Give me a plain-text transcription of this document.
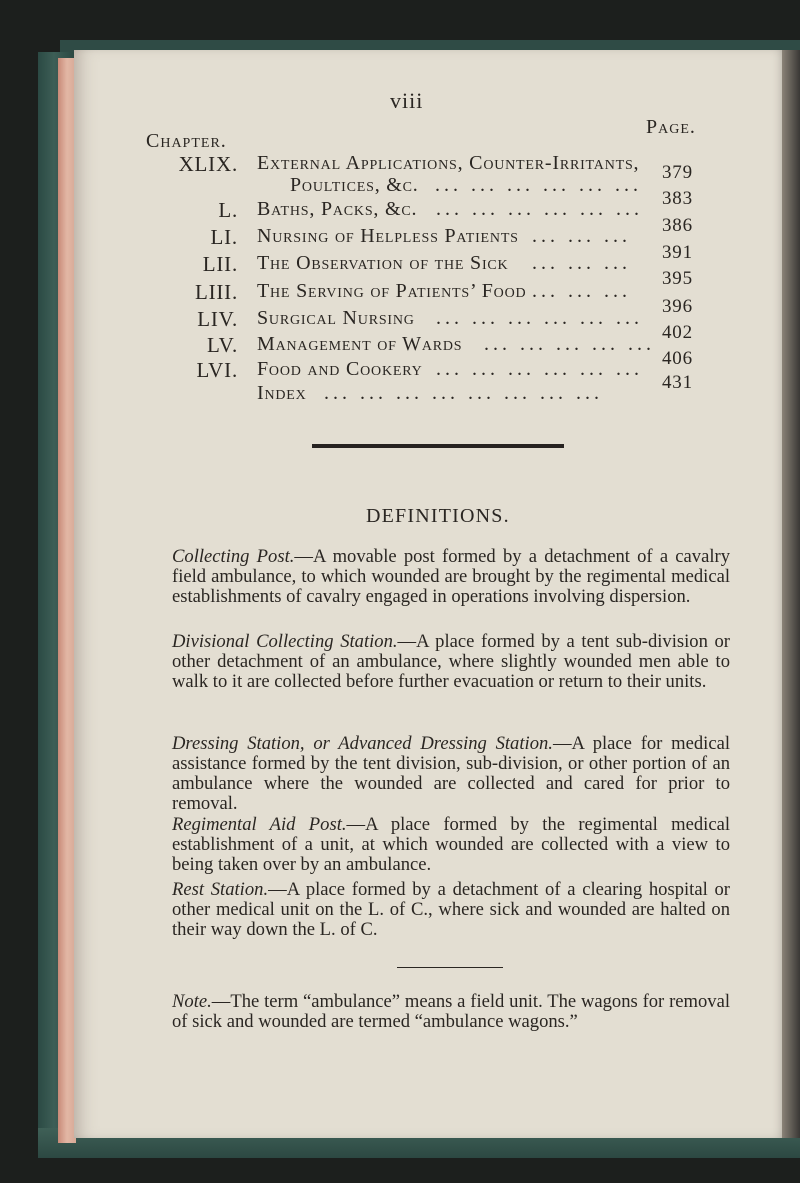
viii
Chapter.
Page.
XLIX. External Applications, Counter-Irritants,
Poultices, &c. ... ... ... ... ... ...
379
L. Baths, Packs, &c. ... ... ... ... ... ... 383
LI. Nursing of Helpless Patients ... ... ... 386
LII. The Observation of the Sick ... ... ... 391
LIII. The Serving of Patients’ Food ... ... ...
395
LIV. Surgical Nursing ... ... ... ... ... ...
396
LV. Management of Wards ... ... ... ... ...
402
LVI. Food and Cookery ... ... ... ... ... ... 406
Index ... ... ... ... ... ... ... ...	431
DEFINITIONS.
Collecting Post.—A movable post formed by a detachment of a cavalry field ambulance, to which wounded are brought by the regimental medical establishments of cavalry engaged in operations involving dispersion.
Divisional Collecting Station.—A place formed by a tent sub-division or other detachment of an ambulance, where slightly wounded men able to walk to it are collected before further evacuation or return to their units.
Dressing Station, or Advanced Dressing Station.—A place for medical assistance formed by the tent division, sub-division, or other portion of an ambulance where the wounded are collected and cared for prior to removal.
Regimental Aid Post.—A place formed by the regimental medical establishment of a unit, at which wounded are collected with a view to being taken over by an ambulance.
Rest Station.—A place formed by a detachment of a clearing hospital or other medical unit on the L. of C., where sick and wounded are halted on their way down the L. of C.
Note.—The term “ambulance” means a field unit. The wagons for removal of sick and wounded are termed “ambulance wagons.”
